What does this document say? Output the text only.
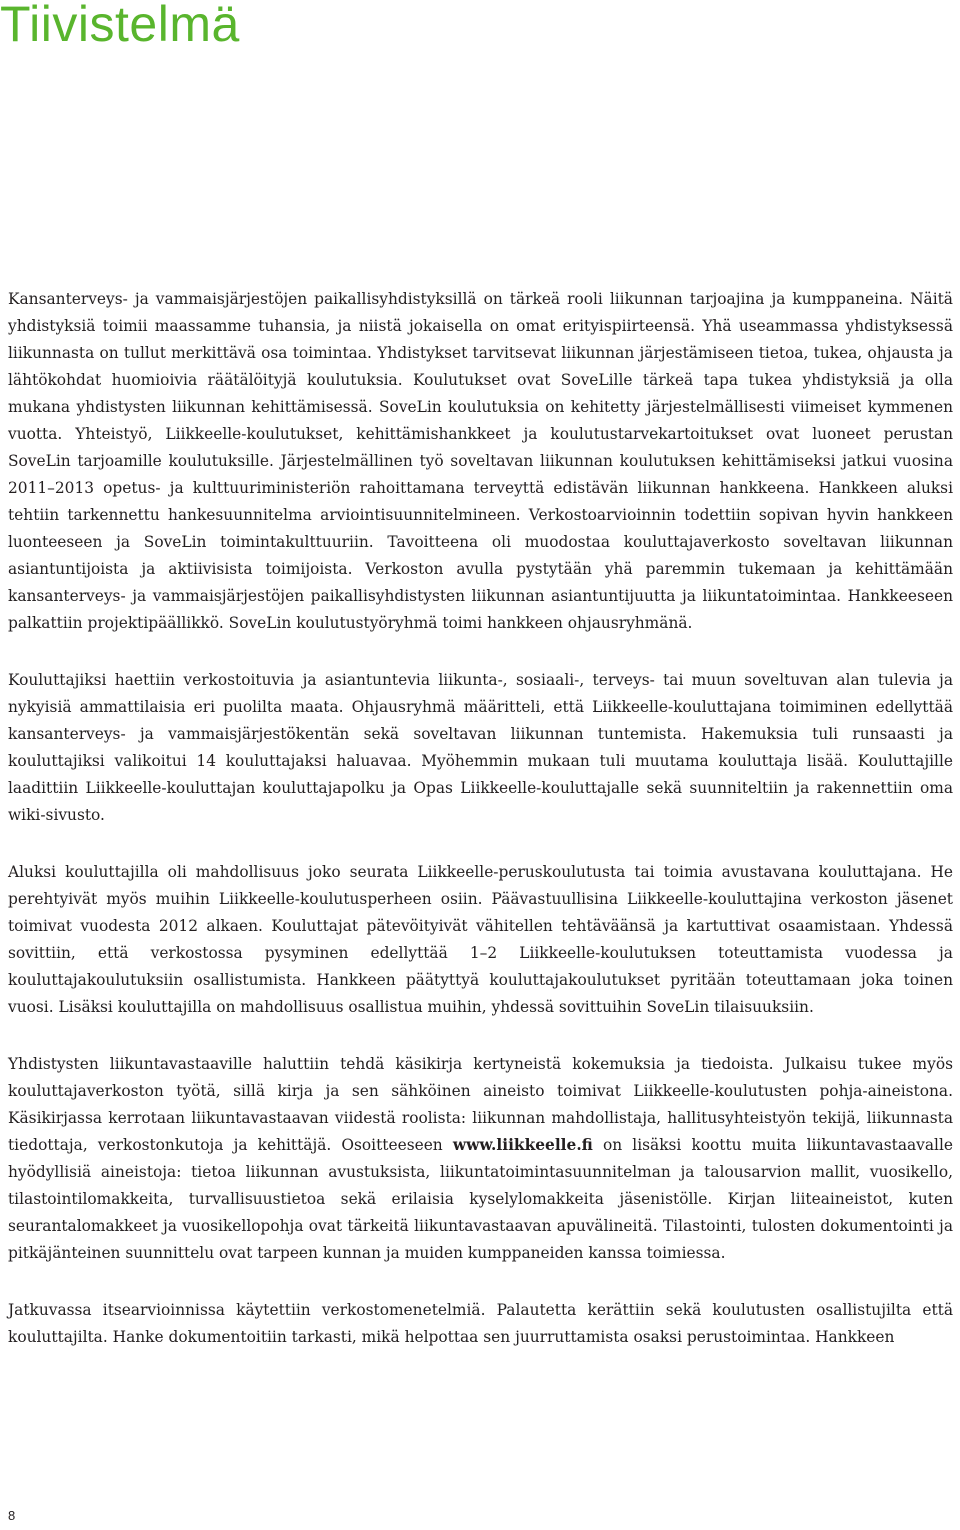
Tiivistelmä

Kansanterveys- ja vammaisjärjestöjen paikallisyhdistyksillä on tärkeä rooli liikunnan tarjoajina ja kumppaneina. Näitä yhdistyksiä toimii maassamme tuhansia, ja niistä jokaisella on omat erityispiirteensä. Yhä useammassa yhdistyksessä liikunnasta on tullut merkittävä osa toimintaa. Yhdistykset tarvitsevat liikunnan järjestämiseen tietoa, tukea, ohjausta ja lähtökohdat huomioivia räätälöityjä koulutuksia. Koulutukset ovat SoveLille tärkeä tapa tukea yhdistyksiä ja olla mukana yhdistysten liikunnan kehittämisessä. SoveLin koulutuksia on kehitetty järjestelmällisesti viimeiset kymmenen vuotta. Yhteistyö, Liikkeelle-koulutukset, kehittämishankkeet ja koulutustarvekartoitukset ovat luoneet perustan SoveLin tarjoamille koulutuksille. Järjestelmällinen työ soveltavan liikunnan koulutuksen kehittämiseksi jatkui vuosina 2011–2013 opetus- ja kulttuuriministeriön rahoittamana terveyttä edistävän liikunnan hankkeena. Hankkeen aluksi tehtiin tarkennettu hankesuunnitelma arviointisuunnitelmineen. Verkostoarvioinnin todettiin sopivan hyvin hankkeen luonteeseen ja SoveLin toimintakulttuuriin. Tavoitteena oli muodostaa kouluttajaverkosto soveltavan liikunnan asiantuntijoista ja aktiivisista toimijoista. Verkoston avulla pystytään yhä paremmin tukemaan ja kehittämään kansanterveys- ja vammaisjärjestöjen paikallisyhdistysten liikunnan asiantuntijuutta ja liikuntatoimintaa. Hankkeeseen palkattiin projektipäällikkö. SoveLin koulutustyöryhmä toimi hankkeen ohjausryhmänä.

Kouluttajiksi haettiin verkostoituvia ja asiantuntevia liikunta-, sosiaali-, terveys- tai muun soveltuvan alan tulevia ja nykyisiä ammattilaisia eri puolilta maata. Ohjausryhmä määritteli, että Liikkeelle-kouluttajana toimiminen edellyttää kansanterveys- ja vammaisjärjestökentän sekä soveltavan liikunnan tuntemista. Hakemuksia tuli runsaasti ja kouluttajiksi valikoitui 14 kouluttajaksi haluavaa. Myöhemmin mukaan tuli muutama kouluttaja lisää. Kouluttajille laadittiin Liikkeelle-kouluttajan kouluttajapolku ja Opas Liikkeelle-kouluttajalle sekä suunniteltiin ja rakennettiin oma wiki-sivusto.

Aluksi kouluttajilla oli mahdollisuus joko seurata Liikkeelle-peruskoulutusta tai toimia avustavana kouluttajana. He perehtyivät myös muihin Liikkeelle-koulutusperheen osiin. Päävastuullisina Liikkeelle-kouluttajina verkoston jäsenet toimivat vuodesta 2012 alkaen. Kouluttajat pätevöityivät vähitellen tehtäväänsä ja kartuttivat osaamistaan. Yhdessä sovittiin, että verkostossa pysyminen edellyttää 1–2 Liikkeelle-koulutuksen toteuttamista vuodessa ja kouluttajakoulutuksiin osallistumista. Hankkeen päätyttyä kouluttajakoulutukset pyritään toteuttamaan joka toinen vuosi. Lisäksi kouluttajilla on mahdollisuus osallistua muihin, yhdessä sovittuihin SoveLin tilaisuuksiin.

Yhdistysten liikuntavastaaville haluttiin tehdä käsikirja kertyneistä kokemuksia ja tiedoista. Julkaisu tukee myös kouluttajaverkoston työtä, sillä kirja ja sen sähköinen aineisto toimivat Liikkeelle-koulutusten pohja-aineistona. Käsikirjassa kerrotaan liikuntavastaavan viidestä roolista: liikunnan mahdollistaja, hallitusyhteistyön tekijä, liikunnasta tiedottaja, verkostonkutoja ja kehittäjä. Osoitteeseen www.liikkeelle.fi on lisäksi koottu muita liikuntavastaavalle hyödyllisiä aineistoja: tietoa liikunnan avustuksista, liikuntatoimintasuunnitelman ja talousarvion mallit, vuosikello, tilastointilomakkeita, turvallisuustietoa sekä erilaisia kyselylomakkeita jäsenistölle. Kirjan liiteaineistot, kuten seurantalomakkeet ja vuosikellopohja ovat tärkeitä liikuntavastaavan apuvälineitä. Tilastointi, tulosten dokumentointi ja pitkäjänteinen suunnittelu ovat tarpeen kunnan ja muiden kumppaneiden kanssa toimiessa.

Jatkuvassa itsearvioinnissa käytettiin verkostomenetelmiä. Palautetta kerättiin sekä koulutusten osallistujilta että kouluttajilta. Hanke dokumentoitiin tarkasti, mikä helpottaa sen juurruttamista osaksi perustoimintaa. Hankkeen

8
